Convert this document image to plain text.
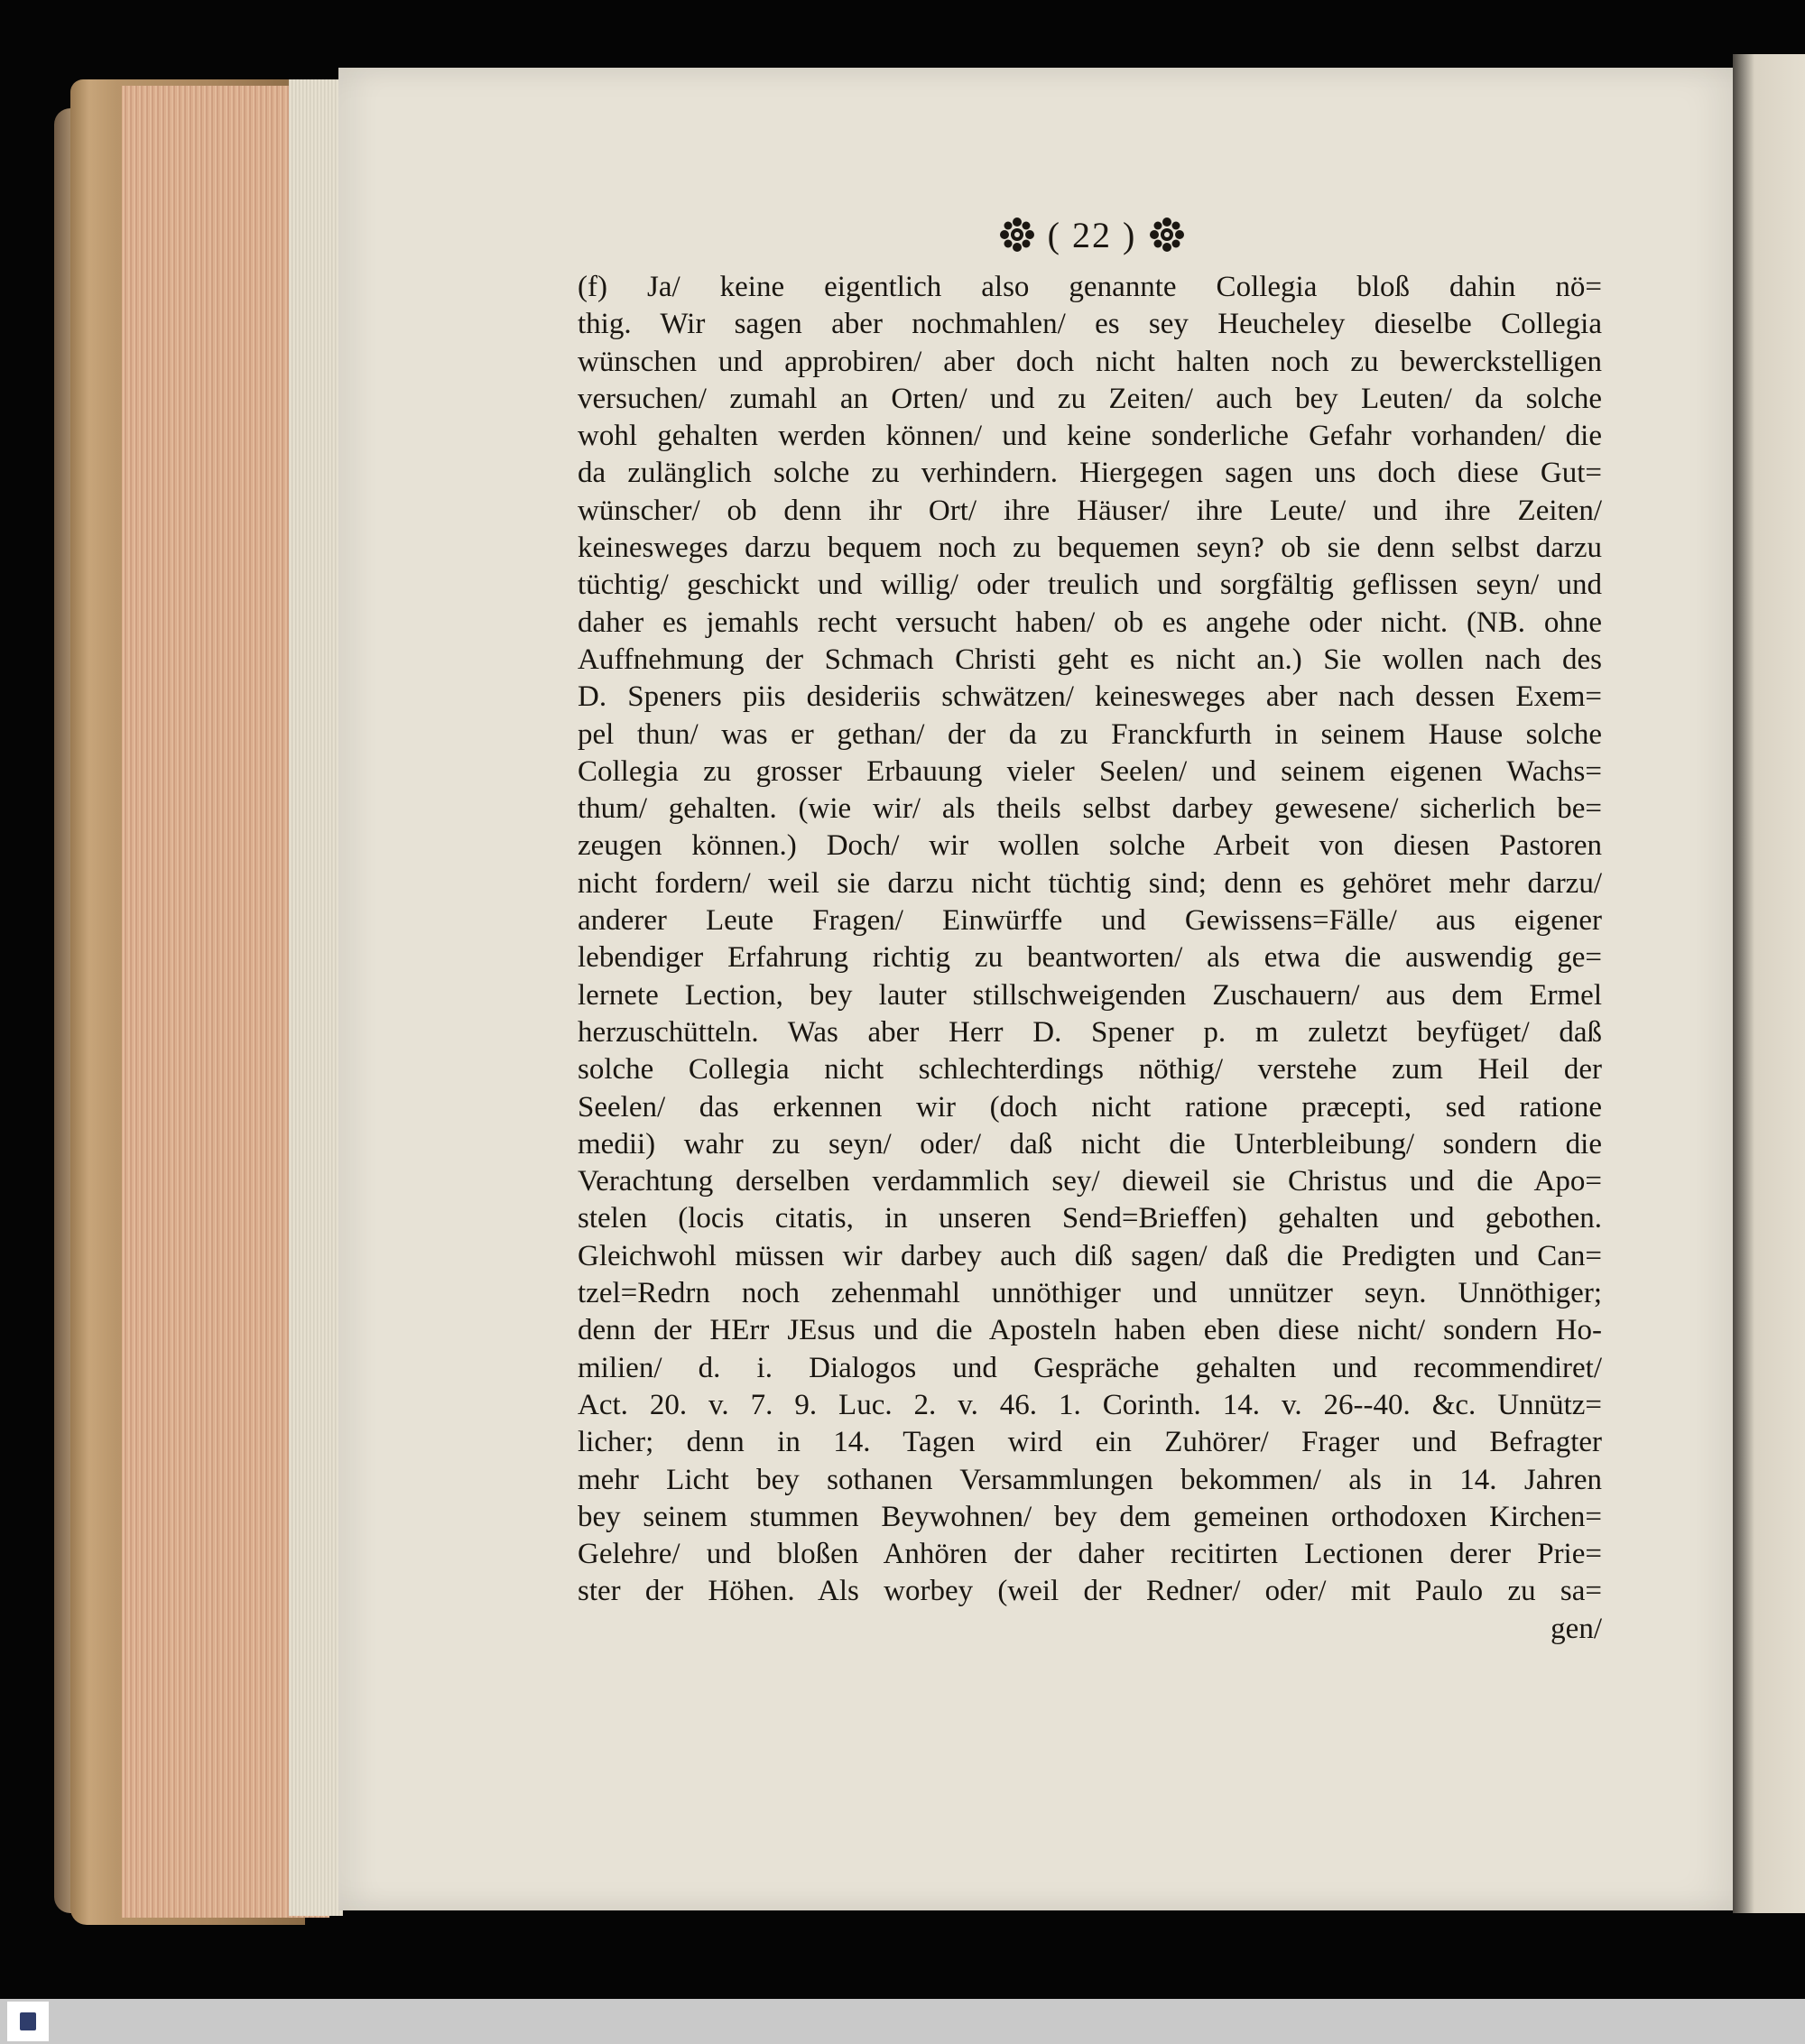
( 22 )
(f) Ja/ keine eigentlich also genannte Collegia bloß dahin nö=
thig. Wir sagen aber nochmahlen/ es sey Heucheley dieselbe Collegia
wünschen und approbiren/ aber doch nicht halten noch zu bewerckstelligen
versuchen/ zumahl an Orten/ und zu Zeiten/ auch bey Leuten/ da solche
wohl gehalten werden können/ und keine sonderliche Gefahr vorhanden/ die
da zulänglich solche zu verhindern. Hiergegen sagen uns doch diese Gut=
wünscher/ ob denn ihr Ort/ ihre Häuser/ ihre Leute/ und ihre Zeiten/
keinesweges darzu bequem noch zu bequemen seyn? ob sie denn selbst darzu
tüchtig/ geschickt und willig/ oder treulich und sorgfältig geflissen seyn/ und
daher es jemahls recht versucht haben/ ob es angehe oder nicht. (NB. ohne
Auffnehmung der Schmach Christi geht es nicht an.) Sie wollen nach des
D. Speners piis desideriis schwätzen/ keinesweges aber nach dessen Exem=
pel thun/ was er gethan/ der da zu Franckfurth in seinem Hause solche
Collegia zu grosser Erbauung vieler Seelen/ und seinem eigenen Wachs=
thum/ gehalten. (wie wir/ als theils selbst darbey gewesene/ sicherlich be=
zeugen können.) Doch/ wir wollen solche Arbeit von diesen Pastoren
nicht fordern/ weil sie darzu nicht tüchtig sind; denn es gehöret mehr darzu/
anderer Leute Fragen/ Einwürffe und Gewissens=Fälle/ aus eigener
lebendiger Erfahrung richtig zu beantworten/ als etwa die auswendig ge=
lernete Lection, bey lauter stillschweigenden Zuschauern/ aus dem Ermel
herzuschütteln. Was aber Herr D. Spener p. m zuletzt beyfüget/ daß
solche Collegia nicht schlechterdings nöthig/ verstehe zum Heil der
Seelen/ das erkennen wir (doch nicht ratione præcepti, sed ratione
medii) wahr zu seyn/ oder/ daß nicht die Unterbleibung/ sondern die
Verachtung derselben verdammlich sey/ dieweil sie Christus und die Apo=
stelen (locis citatis, in unseren Send=Brieffen) gehalten und gebothen.
Gleichwohl müssen wir darbey auch diß sagen/ daß die Predigten und Can=
tzel=Redrn noch zehenmahl unnöthiger und unnützer seyn. Unnöthiger;
denn der HErr JEsus und die Aposteln haben eben diese nicht/ sondern Ho-
milien/ d. i. Dialogos und Gespräche gehalten und recommendiret/
Act. 20. v. 7. 9. Luc. 2. v. 46. 1. Corinth. 14. v. 26--40. &c. Unnütz=
licher; denn in 14. Tagen wird ein Zuhörer/ Frager und Befragter
mehr Licht bey sothanen Versammlungen bekommen/ als in 14. Jahren
bey seinem stummen Beywohnen/ bey dem gemeinen orthodoxen Kirchen=
Gelehre/ und bloßen Anhören der daher recitirten Lectionen derer Prie=
ster der Höhen. Als worbey (weil der Redner/ oder/ mit Paulo zu sa=
gen/
